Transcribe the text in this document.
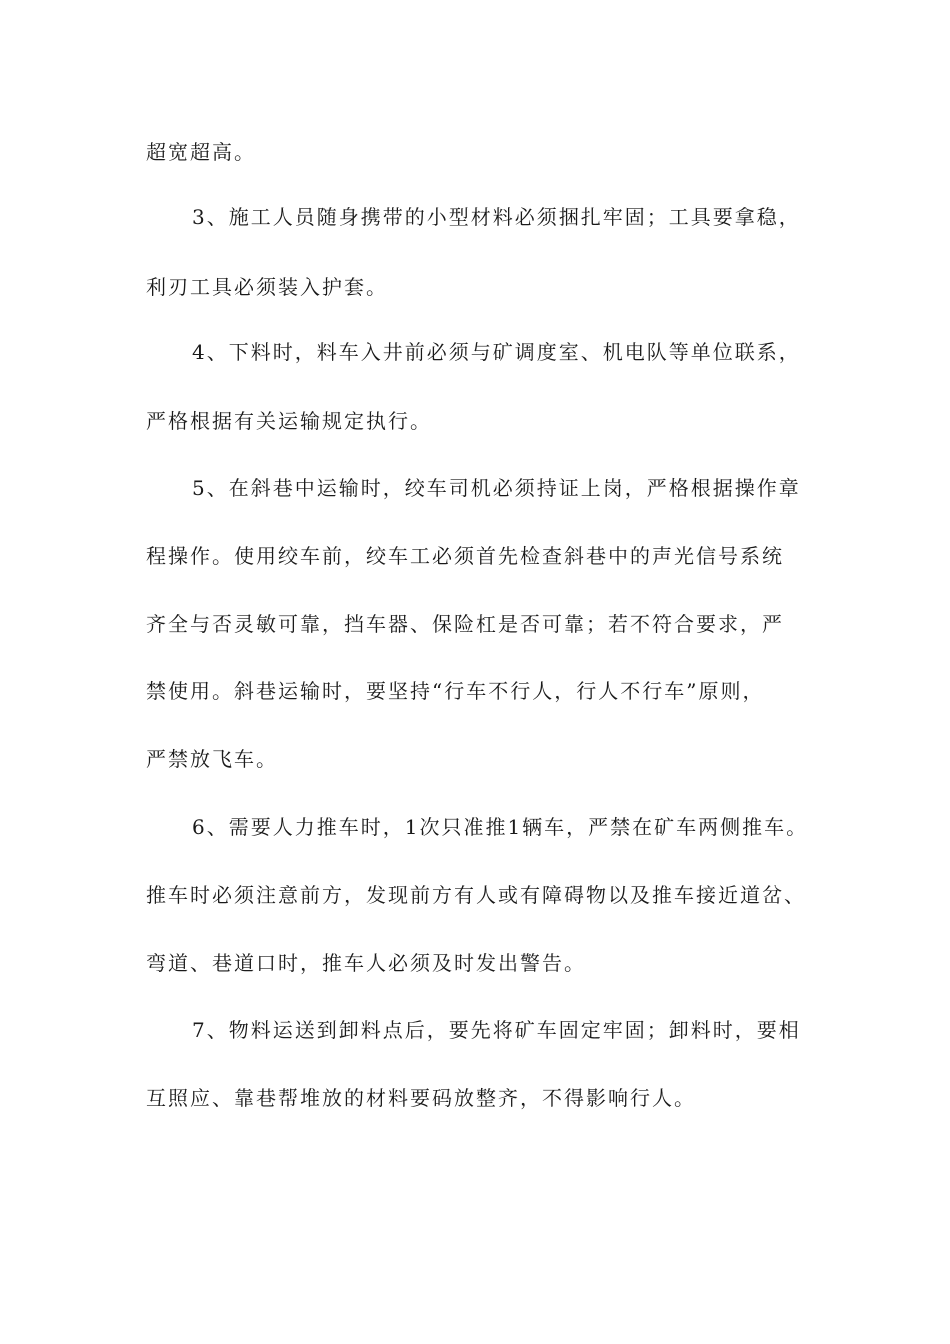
超宽超高。
3、施工人员随身携带的小型材料必须捆扎牢固；工具要拿稳，
利刃工具必须装入护套。
4、下料时，料车入井前必须与矿调度室、机电队等单位联系，
严格根据有关运输规定执行。
5、在斜巷中运输时，绞车司机必须持证上岗，严格根据操作章
程操作。使用绞车前，绞车工必须首先检查斜巷中的声光信号系统
齐全与否灵敏可靠，挡车器、保险杠是否可靠；若不符合要求，严
禁使用。斜巷运输时，要坚持“行车不行人，行人不行车”原则，
严禁放飞车。
6、需要人力推车时，1次只准推1辆车，严禁在矿车两侧推车。
推车时必须注意前方，发现前方有人或有障碍物以及推车接近道岔、
弯道、巷道口时，推车人必须及时发出警告。
7、物料运送到卸料点后，要先将矿车固定牢固；卸料时，要相
互照应、靠巷帮堆放的材料要码放整齐，不得影响行人。
